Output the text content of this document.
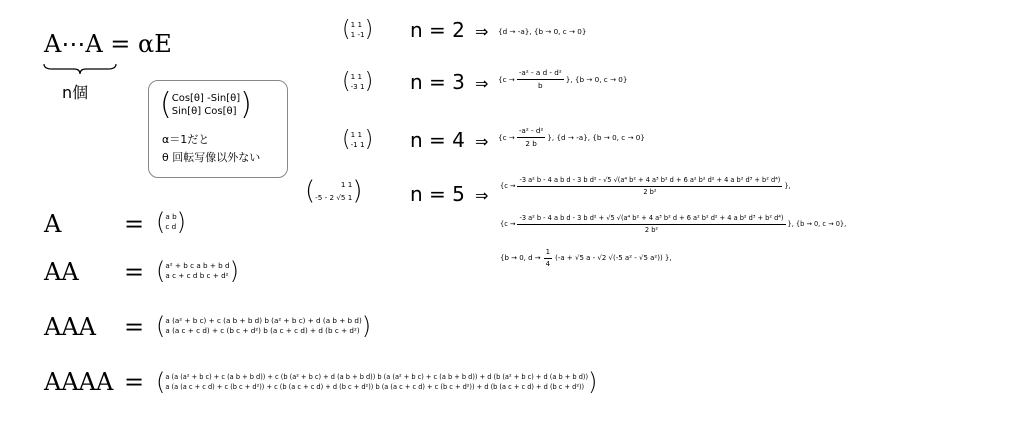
A⋯A = αE
n個 ( Cos[θ] -Sin[θ]
Sin[θ] Cos[θ] )
α＝1だと
θ 回転写像以外ない
A	= ( a b
c d )
AA = ( a² + b c a b + b d
a c + c d b c + d² )
AAA = ( a (a² + b c) + c (a b + b d) b (a² + b c) + d (a b + b d)
a (a c + c d) + c (b c + d²) b (a c + c d) + d (b c + d²) )
AAAA = ( a (a (a² + b c) + c (a b + b d)) + c (b (a² + b c) + d (a b + b d)) b (a (a² + b c) + c (a b + b d)) + d (b (a² + b c) + d (a b + b d))
a (a (a c + c d) + c (b c + d²)) + c (b (a c + c d) + d (b c + d²)) b (a (a c + c d) + c (b c + d²)) + d (b (a c + c d) + d (b c + d²)) )
( 1 1
1 -1 ) n = 2 ⇒ {d → -a}, {b → 0, c → 0}
( 1 1
-3 1 ) n = 3 ⇒ {$c \to \frac{\text{-a² - a d - d²}}{b}$ }, {b → 0, c → 0}
( 1 1
-1 1 ) n = 4 ⇒ {$c \to \frac{\text{-a² - d²}}{2 b}$ }, {d → -a}, {b → 0, c → 0}
(	1 1
-5 - 2 √5 1 ) n = 5 ⇒ {c →
-3 a² b - 4 a b d - 3 b d² - √5 √(a⁴ b² + 4 a³ b² d + 6 a² b² d² + 4 a b² d³ + b² d⁴)
2 b²
},
{c →
-3 a² b - 4 a b d - 3 b d² + √5 √(a⁴ b² + 4 a³ b² d + 6 a² b² d² + 4 a b² d³ + b² d⁴)
2 b²
}, {b → 0, c → 0},
{b → 0, $d \to \frac{1}{4} (-a + √5$ a - √2 √(-5 a² - √5 a²)) },
